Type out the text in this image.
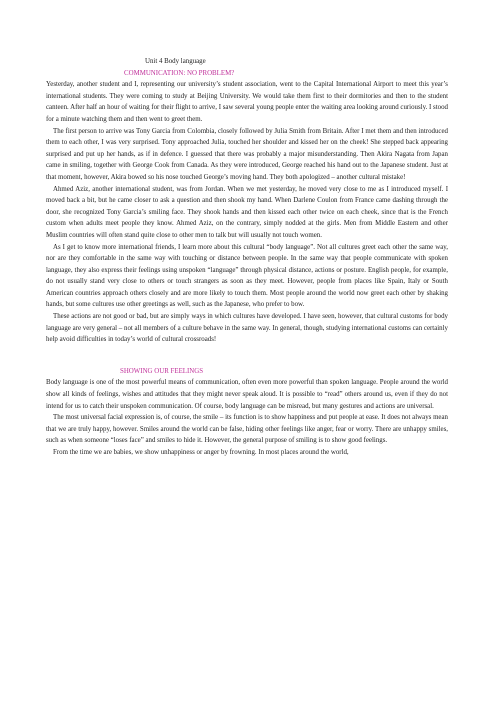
Unit 4 Body language

COMMUNICATION: NO PROBLEM?

Yesterday, another student and I, representing our university’s student association, went to the Capital International Airport to meet this year’s international students. They were coming to study at Beijing University. We would take them first to their dormitories and then to the student canteen. After half an hour of waiting for their flight to arrive, I saw several young people enter the waiting area looking around curiously. I stood for a minute watching them and then went to greet them.

The first person to arrive was Tony Garcia from Colombia, closely followed by Julia Smith from Britain. After I met them and then introduced them to each other, I was very surprised. Tony approached Julia, touched her shoulder and kissed her on the cheek! She stepped back appearing surprised and put up her hands, as if in defence. I guessed that there was probably a major misunderstanding. Then Akira Nagata from Japan came in smiling, together with George Cook from Canada. As they were introduced, George reached his hand out to the Japanese student. Just at that moment, however, Akira bowed so his nose touched George’s moving hand. They both apologized – another cultural mistake!

Ahmed Aziz, another international student, was from Jordan. When we met yesterday, he moved very close to me as I introduced myself. I moved back a bit, but he came closer to ask a question and then shook my hand. When Darlene Coulon from France came dashing through the door, she recognized Tony Garcia’s smiling face. They shook hands and then kissed each other twice on each cheek, since that is the French custom when adults meet people they know. Ahmed Aziz, on the contrary, simply nodded at the girls. Men from Middle Eastern and other Muslim countries will often stand quite close to other men to talk but will usually not touch women.

As I get to know more international friends, I learn more about this cultural “body language”. Not all cultures greet each other the same way, nor are they comfortable in the same way with touching or distance between people. In the same way that people communicate with spoken language, they also express their feelings using unspoken “language” through physical distance, actions or posture. English people, for example, do not usually stand very close to others or touch strangers as soon as they meet. However, people from places like Spain, Italy or South American countries approach others closely and are more likely to touch them. Most people around the world now greet each other by shaking hands, but some cultures use other greetings as well, such as the Japanese, who prefer to bow.

These actions are not good or bad, but are simply ways in which cultures have developed. I have seen, however, that cultural customs for body language are very general – not all members of a culture behave in the same way. In general, though, studying international customs can certainly help avoid difficulties in today’s world of cultural crossroads!

SHOWING OUR FEELINGS

Body language is one of the most powerful means of communication, often even more powerful than spoken language. People around the world show all kinds of feelings, wishes and attitudes that they might never speak aloud. It is possible to “read” others around us, even if they do not intend for us to catch their unspoken communication. Of course, body language can be misread, but many gestures and actions are universal.

The most universal facial expression is, of course, the smile – its function is to show happiness and put people at ease. It does not always mean that we are truly happy, however. Smiles around the world can be false, hiding other feelings like anger, fear or worry. There are unhappy smiles, such as when someone “loses face” and smiles to hide it. However, the general purpose of smiling is to show good feelings.

From the time we are babies, we show unhappiness or anger by frowning. In most places around the world,
